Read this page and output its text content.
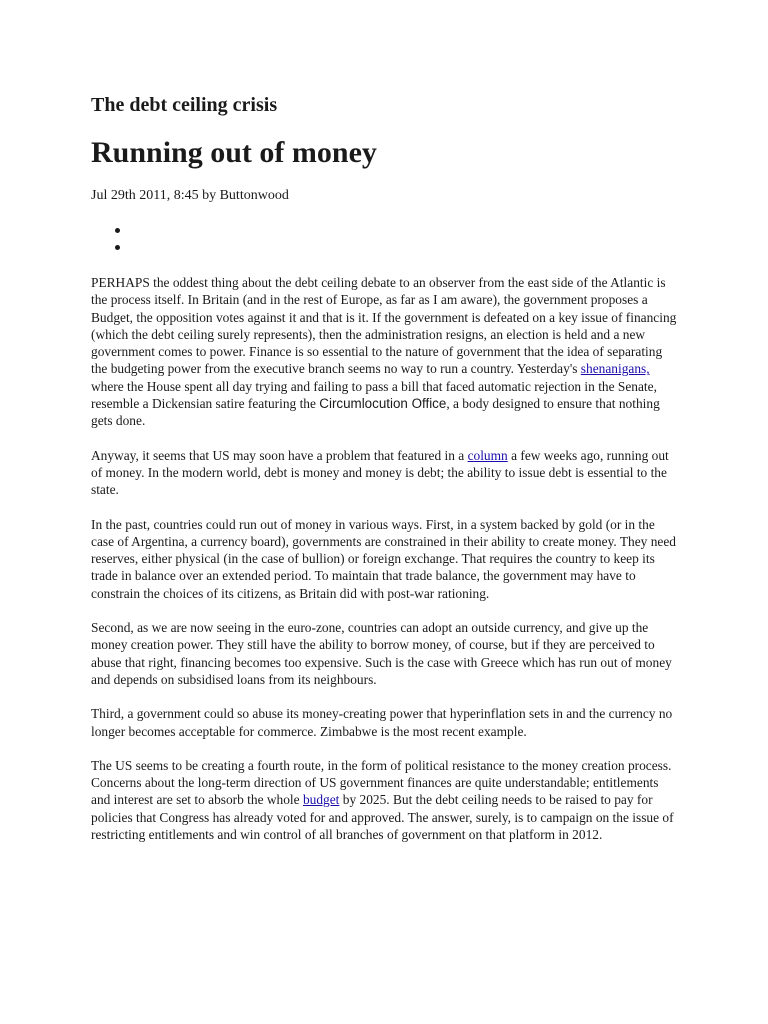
The debt ceiling crisis
Running out of money
Jul 29th 2011, 8:45 by Buttonwood

PERHAPS the oddest thing about the debt ceiling debate to an observer from the east side of the Atlantic is the process itself. In Britain (and in the rest of Europe, as far as I am aware), the government proposes a Budget, the opposition votes against it and that is it. If the government is defeated on a key issue of financing (which the debt ceiling surely represents), then the administration resigns, an election is held and a new government comes to power. Finance is so essential to the nature of government that the idea of separating the budgeting power from the executive branch seems no way to run a country. Yesterday's shenanigans, where the House spent all day trying and failing to pass a bill that faced automatic rejection in the Senate, resemble a Dickensian satire featuring the Circumlocution Office, a body designed to ensure that nothing gets done.

Anyway, it seems that US may soon have a problem that featured in a column a few weeks ago, running out of money. In the modern world, debt is money and money is debt; the ability to issue debt is essential to the state.

In the past, countries could run out of money in various ways. First, in a system backed by gold (or in the case of Argentina, a currency board), governments are constrained in their ability to create money. They need reserves, either physical (in the case of bullion) or foreign exchange. That requires the country to keep its trade in balance over an extended period. To maintain that trade balance, the government may have to constrain the choices of its citizens, as Britain did with post-war rationing.

Second, as we are now seeing in the euro-zone, countries can adopt an outside currency, and give up the money creation power. They still have the ability to borrow money, of course, but if they are perceived to abuse that right, financing becomes too expensive. Such is the case with Greece which has run out of money and depends on subsidised loans from its neighbours.

Third, a government could so abuse its money-creating power that hyperinflation sets in and the currency no longer becomes acceptable for commerce. Zimbabwe is the most recent example.

The US seems to be creating a fourth route, in the form of political resistance to the money creation process. Concerns about the long-term direction of US government finances are quite understandable; entitlements and interest are set to absorb the whole budget by 2025. But the debt ceiling needs to be raised to pay for policies that Congress has already voted for and approved. The answer, surely, is to campaign on the issue of restricting entitlements and win control of all branches of government on that platform in 2012.
